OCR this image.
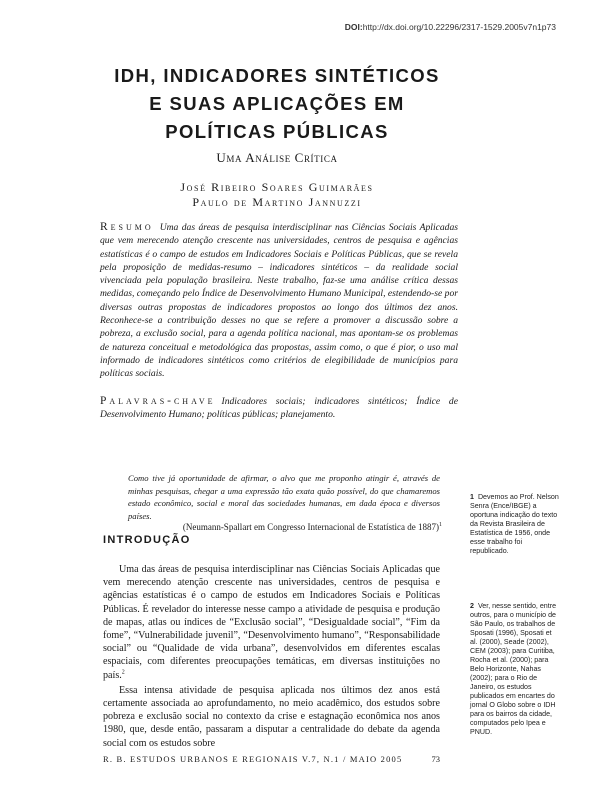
DOI:http://dx.doi.org/10.22296/2317-1529.2005v7n1p73
IDH, INDICADORES SINTÉTICOS
E SUAS APLICAÇÕES EM
POLÍTICAS PÚBLICAS
Uma Análise Crítica
José Ribeiro Soares Guimarães
Paulo de Martino Jannuzzi
Resumo Uma das áreas de pesquisa interdisciplinar nas Ciências Sociais Aplicadas que vem merecendo atenção crescente nas universidades, centros de pesquisa e agências estatísticas é o campo de estudos em Indicadores Sociais e Políticas Públicas, que se revela pela proposição de medidas-resumo – indicadores sintéticos – da realidade social vivenciada pela população brasileira. Neste trabalho, faz-se uma análise crítica dessas medidas, começando pelo Índice de Desenvolvimento Humano Municipal, estendendo-se por diversas outras propostas de indicadores propostos ao longo dos últimos dez anos. Reconhece-se a contribuição desses no que se refere a promover a discussão sobre a pobreza, a exclusão social, para a agenda política nacional, mas apontam-se os problemas de natureza conceitual e metodológica das propostas, assim como, o que é pior, o uso mal informado de indicadores sintéticos como critérios de elegibilidade de municípios para políticas sociais.
Palavras-chave Indicadores sociais; indicadores sintéticos; Índice de Desenvolvimento Humano; políticas públicas; planejamento.
Como tive já oportunidade de afirmar, o alvo que me proponho atingir é, através de minhas pesquisas, chegar a uma expressão tão exata quão possível, do que chamaremos estado econômico, social e moral das sociedades humanas, em dada época e diversos países.
(Neumann-Spallart em Congresso Internacional de Estatística de 1887)$^1$
INTRODUÇÃO

Uma das áreas de pesquisa interdisciplinar nas Ciências Sociais Aplicadas que vem merecendo atenção crescente nas universidades, centros de pesquisa e agências estatísticas é o campo de estudos em Indicadores Sociais e Políticas Públicas. É revelador do interesse nesse campo a atividade de pesquisa e produção de mapas, atlas ou índices de “Exclusão social”, “Desigualdade social”, “Fim da fome”, “Vulnerabilidade juvenil”, “Desenvolvimento humano”, “Responsabilidade social” ou “Qualidade de vida urbana”, desenvolvidos em diferentes escalas espaciais, com diferentes preocupações temáticas, em diversas instituições no país.$^2$

Essa intensa atividade de pesquisa aplicada nos últimos dez anos está certamente associada ao aprofundamento, no meio acadêmico, dos estudos sobre pobreza e exclusão social no contexto da crise e estagnação econômica nos anos 1980, que, desde então, passaram a disputar a centralidade do debate da agenda social com os estudos sobre

1 Devemos ao Prof. Nelson Senra (Ence/IBGE) a oportuna indicação do texto da Revista Brasileira de Estatística de 1956, onde esse trabalho foi republicado.
2 Ver, nesse sentido, entre outros, para o município de São Paulo, os trabalhos de Sposati (1996), Sposati et al. (2000), Seade (2002), CEM (2003); para Curitiba, Rocha et al. (2000); para Belo Horizonte, Nahas (2002); para o Rio de Janeiro, os estudos publicados em encartes do jornal O Globo sobre o IDH para os bairros da cidade, computados pelo Ipea e PNUD.
R. B. ESTUDOS URBANOS E REGIONAIS V.7, N.1 / MAIO 2005	73
